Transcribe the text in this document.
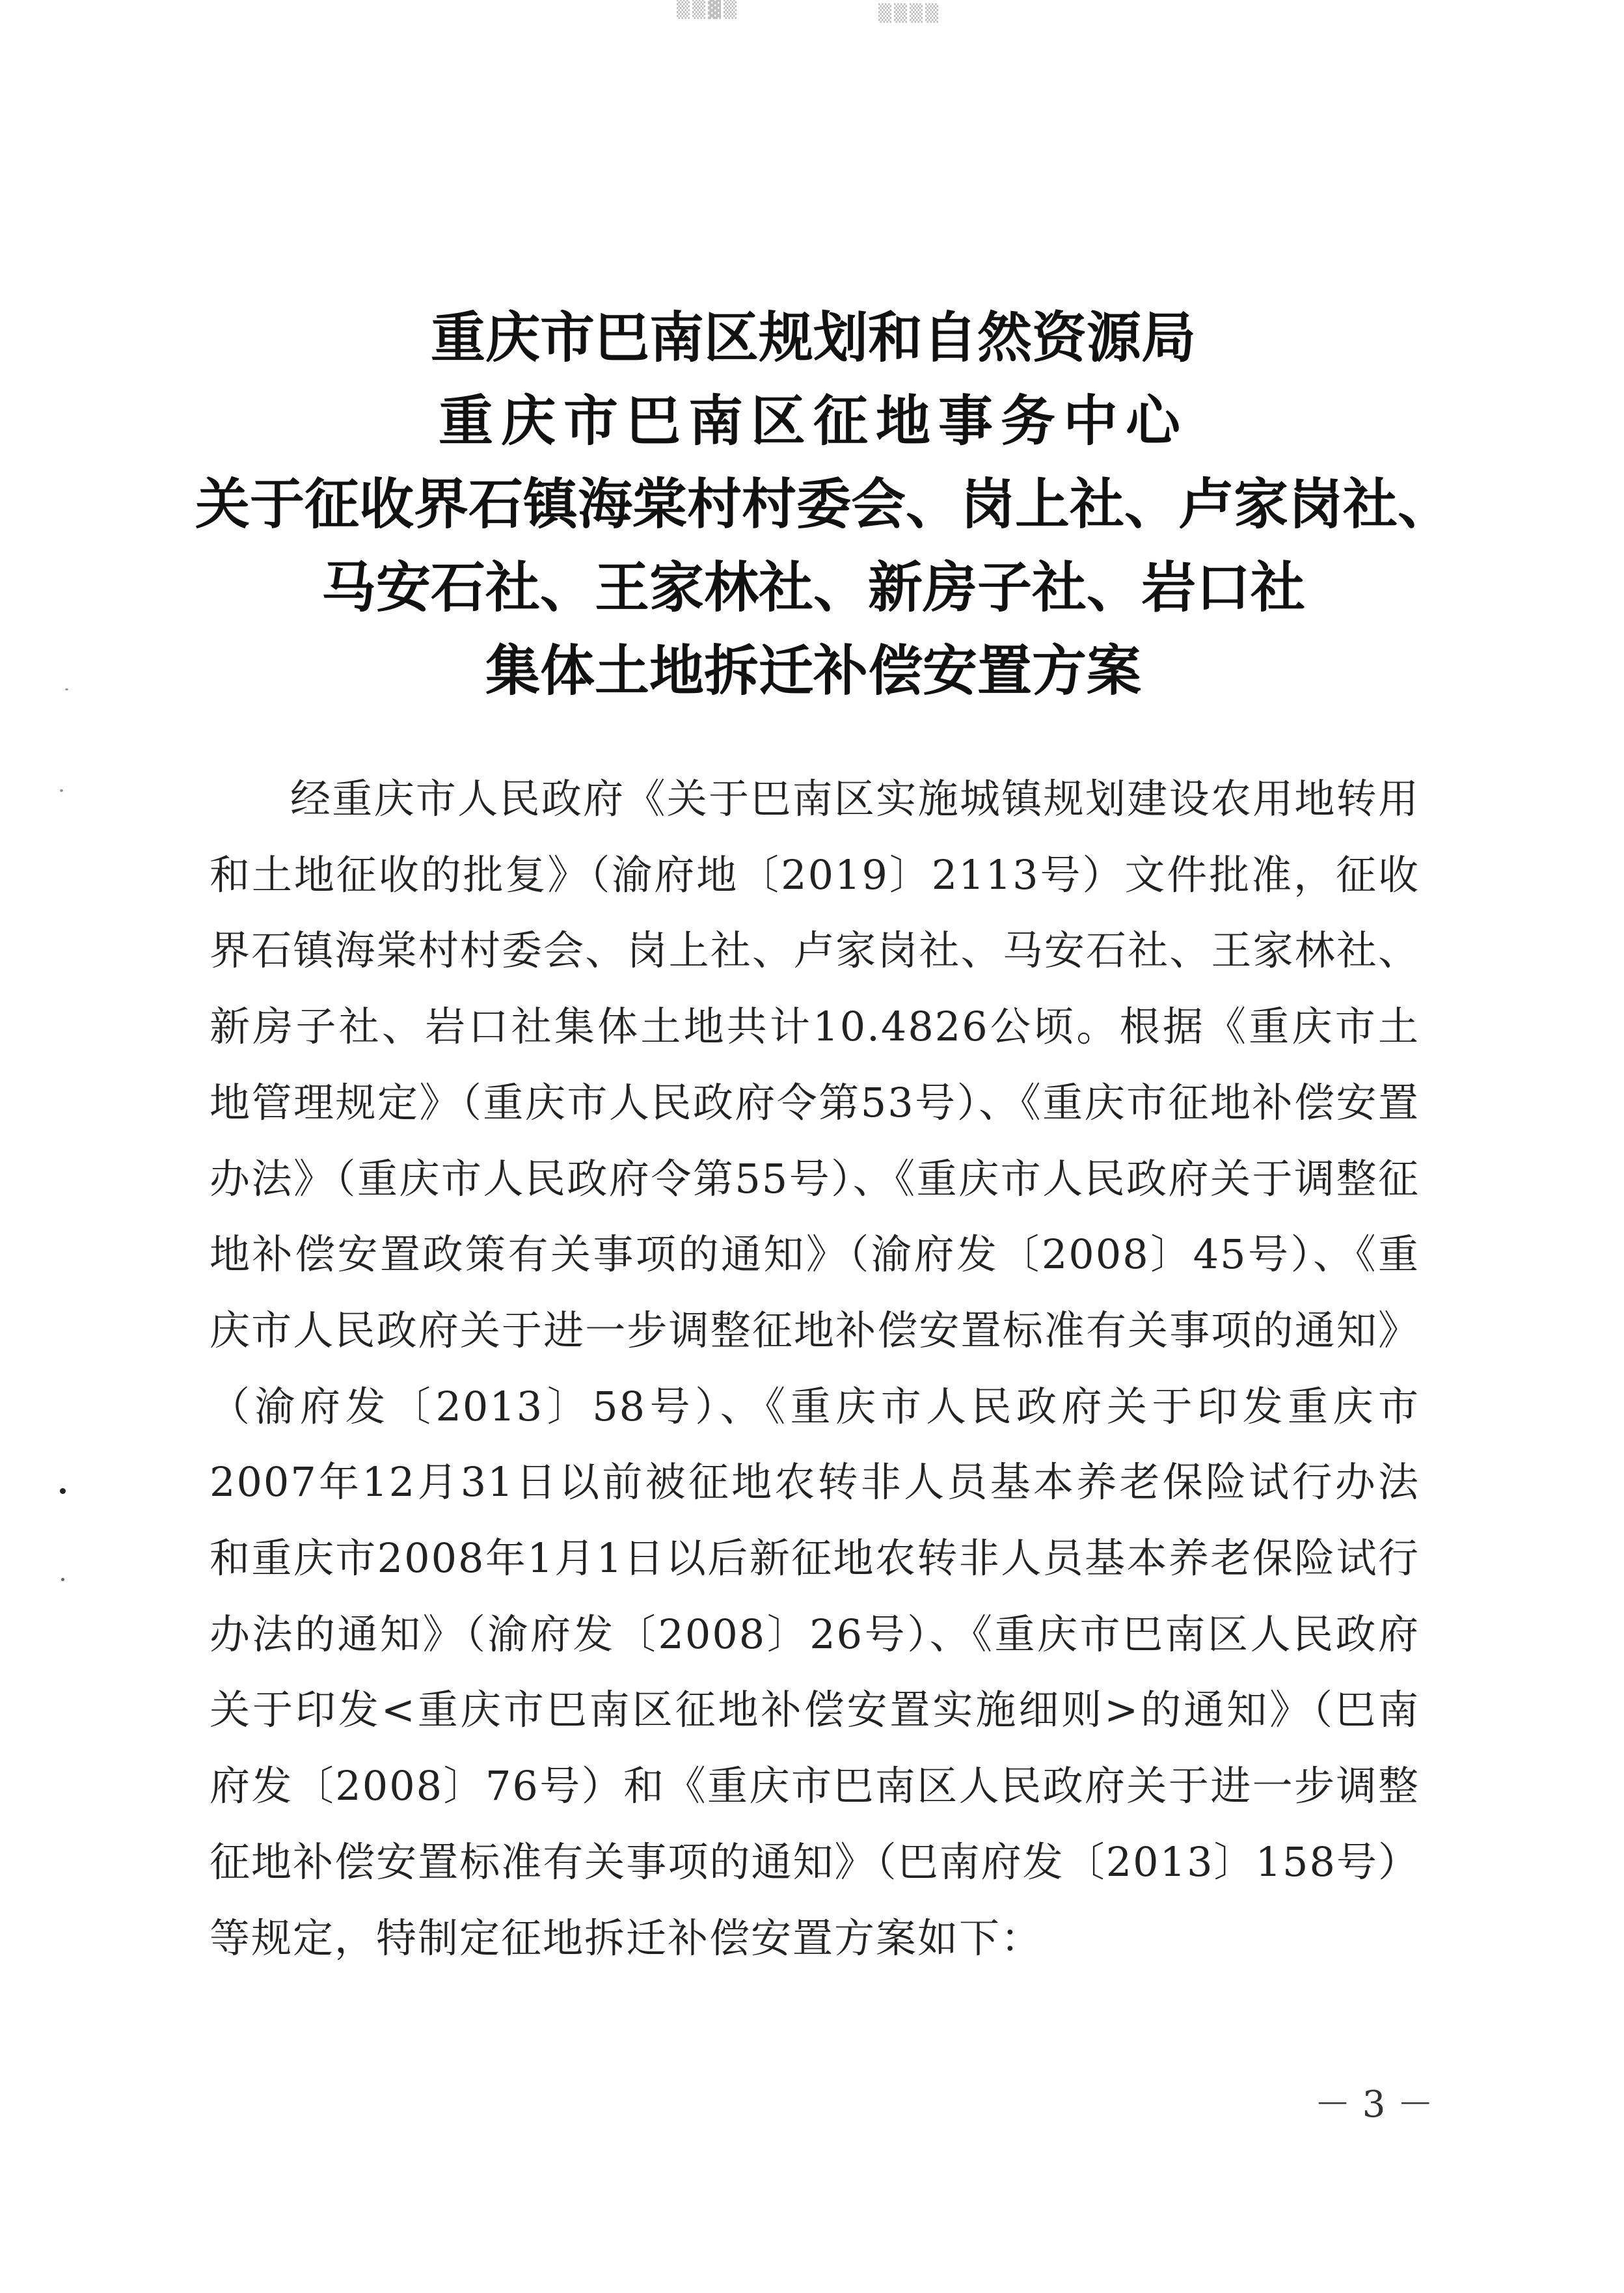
▒▒▓▒	▒▒▒▒
重庆市巴南区规划和自然资源局
重庆市巴南区征地事务中心
关于征收界石镇海棠村村委会、岗上社、卢家岗社、
马安石社、王家林社、新房子社、岩口社
集体土地拆迁补偿安置方案

经重庆市人民政府《关于巴南区实施城镇规划建设农用地转用和土地征收的批复》（渝府地〔2019〕2113号）文件批准，征收界石镇海棠村村委会、岗上社、卢家岗社、马安石社、王家林社、新房子社、岩口社集体土地共计10.4826公顷。根据《重庆市土地管理规定》（重庆市人民政府令第53号）、《重庆市征地补偿安置办法》（重庆市人民政府令第55号）、《重庆市人民政府关于调整征地补偿安置政策有关事项的通知》（渝府发〔2008〕45号）、《重庆市人民政府关于进一步调整征地补偿安置标准有关事项的通知》（渝府发〔2013〕58号）、《重庆市人民政府关于印发重庆市2007年12月31日以前被征地农转非人员基本养老保险试行办法和重庆市2008年1月1日以后新征地农转非人员基本养老保险试行办法的通知》（渝府发〔2008〕26号）、《重庆市巴南区人民政府关于印发<重庆市巴南区征地补偿安置实施细则>的通知》（巴南府发〔2008〕76号）和《重庆市巴南区人民政府关于进一步调整征地补偿安置标准有关事项的通知》（巴南府发〔2013〕158号）等规定，特制定征地拆迁补偿安置方案如下：

－ 3 －
